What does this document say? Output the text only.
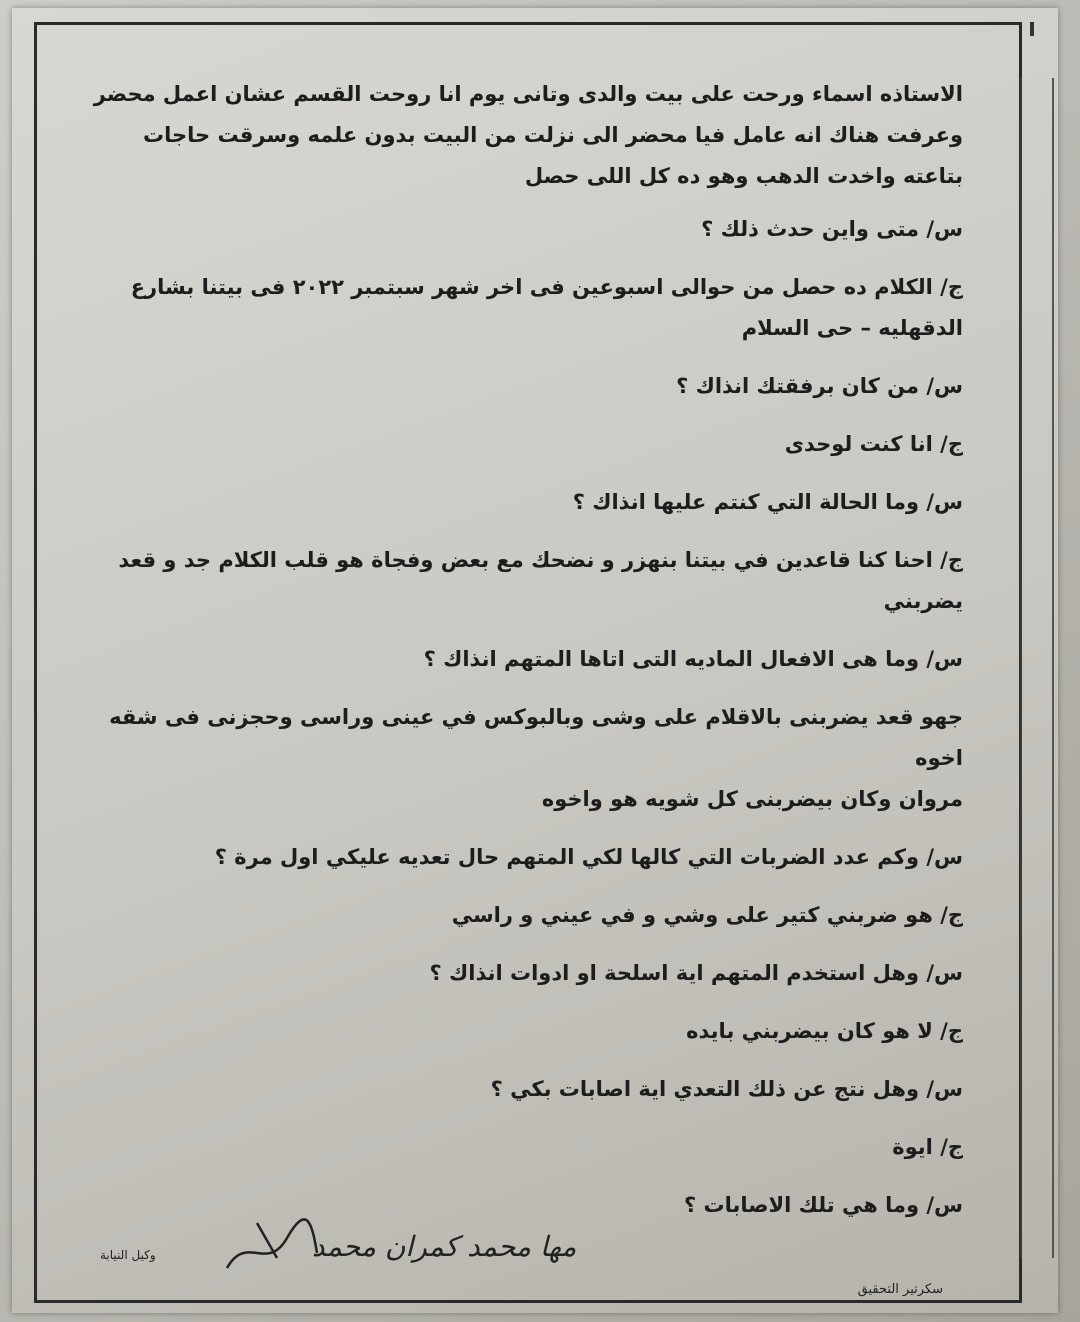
الاستاذه اسماء ورحت على بيت والدى وتانى يوم انا روحت القسم عشان اعمل محضر
وعرفت هناك انه عامل فيا محضر الى نزلت من البيت بدون علمه وسرقت حاجات
بتاعته واخدت الدهب وهو ده كل اللى حصل
س/ متى واين حدث ذلك ؟
ج/ الكلام ده حصل من حوالى اسبوعين فى اخر شهر سبتمبر ٢٠٢٢ فى بيتنا بشارع
الدقهليه – حى السلام
س/ من كان برفقتك انذاك ؟
ج/ انا كنت لوحدى
س/ وما الحالة التي كنتم عليها انذاك ؟
ج/ احنا كنا قاعدين في بيتنا بنهزر و نضحك مع بعض وفجاة هو قلب الكلام جد و قعد
يضربني
س/ وما هى الافعال الماديه التى اتاها المتهم انذاك ؟
جهو قعد يضربنى بالاقلام على وشى وبالبوكس في عينى وراسى وحجزنى فى شقه اخوه
مروان وكان بيضربنى كل شويه هو واخوه
س/ وكم عدد الضربات التي كالها لكي المتهم حال تعديه عليكي اول مرة ؟
ج/ هو ضربني كتير على وشي و في عيني و راسي
س/ وهل استخدم المتهم اية اسلحة او ادوات انذاك ؟
ج/ لا هو كان بيضربني بايده
س/ وهل نتج عن ذلك التعدي اية اصابات بكي ؟
ج/ ايوة
س/ وما هي تلك الاصابات ؟
وكيل النيابة	مها محمد كمران محمد
سكرتير التحقيق
